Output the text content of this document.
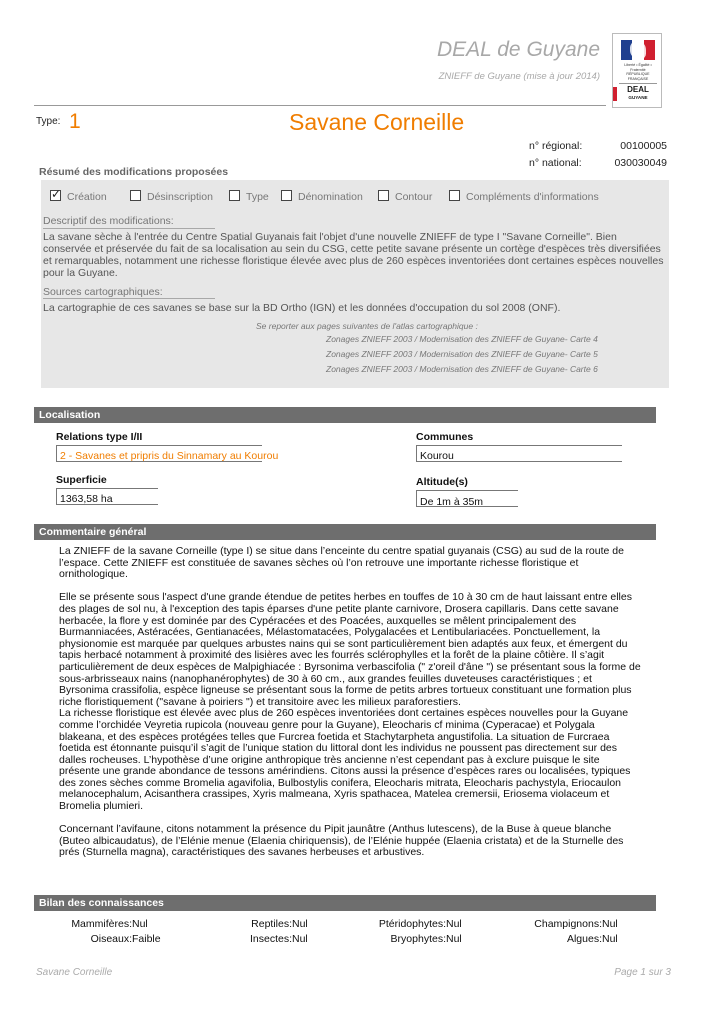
DEAL de Guyane
ZNIEFF de Guyane (mise à jour 2014)
Liberté • Égalité • Fraternité
RÉPUBLIQUE FRANÇAISE
DEAL
GUYANE
Type: 1	Savane Corneille
n° régional:	00100005
n° national:	030030049
Résumé des modifications proposées
✓
Création	Désinscription	Type	Dénomination	Contour	Compléments d'informations
Descriptif des modifications:
La savane sèche à l'entrée du Centre Spatial Guyanais fait l'objet d'une nouvelle ZNIEFF de type I "Savane Corneille". Bien conservée et préservée du fait de sa localisation au sein du CSG, cette petite savane présente un cortège d'espèces très diversifiées et remarquables, notamment une richesse floristique élevée avec plus de 260 espèces inventoriées dont certaines espèces nouvelles pour la Guyane.
Sources cartographiques:
La cartographie de ces savanes se base sur la BD Ortho (IGN) et les données d'occupation du sol 2008 (ONF).
Se reporter aux pages suivantes de l'atlas cartographique :
Zonages ZNIEFF 2003 / Modernisation des ZNIEFF de Guyane- Carte 4
Zonages ZNIEFF 2003 / Modernisation des ZNIEFF de Guyane- Carte 5
Zonages ZNIEFF 2003 / Modernisation des ZNIEFF de Guyane- Carte 6
Localisation
Relations type I/II
2 - Savanes et pripris du Sinnamary au Kourou
Communes
Kourou
Superficie
1363,58 ha
Altitude(s)
De 1m à 35m
Commentaire général

La ZNIEFF de la savane Corneille (type I) se situe dans l’enceinte du centre spatial guyanais (CSG) au sud de la route de l’espace. Cette ZNIEFF est constituée de savanes sèches où l’on retrouve une importante richesse floristique et ornithologique.

Elle se présente sous l'aspect d'une grande étendue de petites herbes en touffes de 10 à 30 cm de haut laissant entre elles des plages de sol nu, à l'exception des tapis éparses d'une petite plante carnivore, Drosera capillaris. Dans cette savane herbacée, la flore y est dominée par des Cypéracées et des Poacées, auxquelles se mêlent principalement des Burmanniacées, Astéracées, Gentianacées, Mélastomatacées, Polygalacées et Lentibulariacées. Ponctuellement, la physionomie est marquée par quelques arbustes nains qui se sont particulièrement bien adaptés aux feux, et émergent du tapis herbacé notamment à proximité des lisières avec les fourrés sclérophylles et la forêt de la plaine côtière. Il s’agit particulièrement de deux espèces de Malpighiacée : Byrsonima verbascifolia (" z'oreil d'âne ") se présentant sous la forme de sous-arbrisseaux nains (nanophanérophytes) de 30 à 60 cm., aux grandes feuilles duveteuses caractéristiques ; et Byrsonima crassifolia, espèce ligneuse se présentant sous la forme de petits arbres tortueux constituant une formation plus riche floristiquement ("savane à poiriers ") et transitoire avec les milieux paraforestiers.

La richesse floristique est élevée avec plus de 260 espèces inventoriées dont certaines espèces nouvelles pour la Guyane comme l’orchidée Veyretia rupicola (nouveau genre pour la Guyane), Eleocharis cf minima (Cyperacae) et Polygala blakeana, et des espèces protégées telles que Furcrea foetida et Stachytarpheta angustifolia. La situation de Furcraea foetida est étonnante puisqu’il s’agit de l’unique station du littoral dont les individus ne poussent pas directement sur des dalles rocheuses. L’hypothèse d’une origine anthropique très ancienne n’est cependant pas à exclure puisque le site présente une grande abondance de tessons amérindiens. Citons aussi la présence d’espèces rares ou localisées, typiques des zones sèches comme Bromelia agavifolia, Bulbostylis conifera, Eleocharis mitrata, Eleocharis pachystyla, Eriocaulon melanocephalum, Acisanthera crassipes, Xyris malmeana, Xyris spathacea, Matelea cremersii, Eriosema violaceum et Bromelia plumieri.

Concernant l’avifaune, citons notamment la présence du Pipit jaunâtre (Anthus lutescens), de la Buse à queue blanche (Buteo albicaudatus), de l’Elénie menue (Elaenia chiriquensis), de l’Elénie huppée (Elaenia cristata) et de la Sturnelle des prés (Sturnella magna), caractéristiques des savanes herbeuses et arbustives.

Bilan des connaissances
Mammifères: Nul	Reptiles: Nul	Ptéridophytes: Nul	Champignons: Nul
Oiseaux: Faible	Insectes: Nul	Bryophytes: Nul	Algues: Nul
Savane Corneille	Page 1 sur 3
